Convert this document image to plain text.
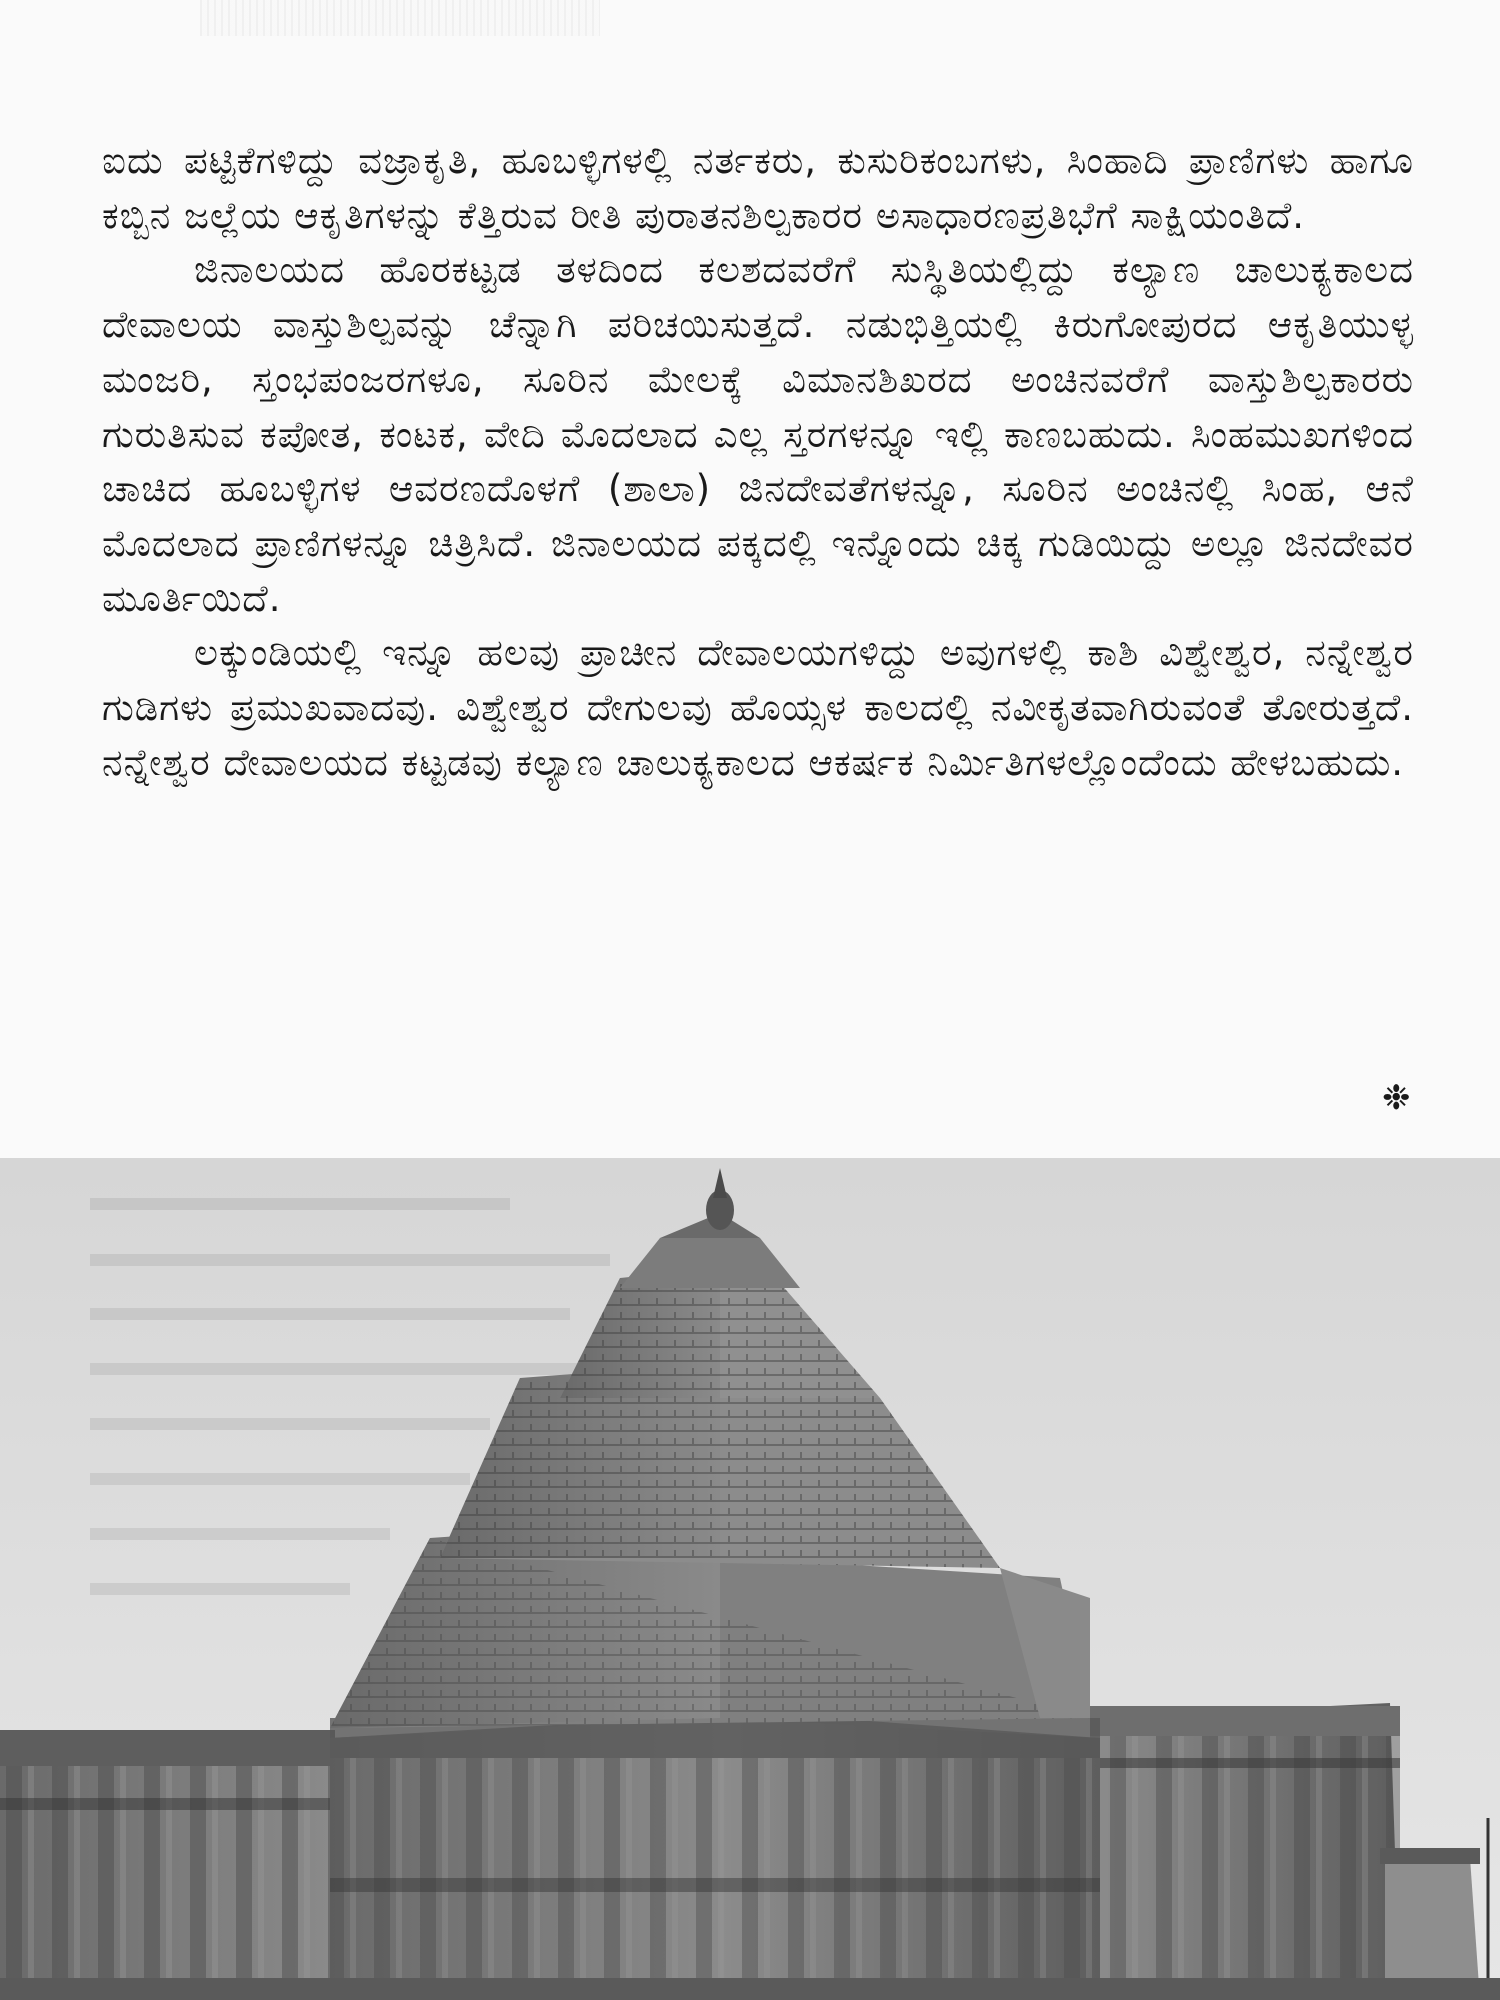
ಐದು ಪಟ್ಟಿಕೆಗಳಿದ್ದು ವಜ್ರಾಕೃತಿ, ಹೂಬಳ್ಳಿಗಳಲ್ಲಿ ನರ್ತಕರು, ಕುಸುರಿಕಂಬಗಳು, ಸಿಂಹಾದಿ ಪ್ರಾಣಿಗಳು ಹಾಗೂ ಕಬ್ಬಿನ ಜಲ್ಲೆಯ ಆಕೃತಿಗಳನ್ನು ಕೆತ್ತಿರುವ ರೀತಿ ಪುರಾತನಶಿಲ್ಪಕಾರರ ಅಸಾಧಾರಣಪ್ರತಿಭೆಗೆ ಸಾಕ್ಷಿಯಂತಿದೆ.

ಜಿನಾಲಯದ ಹೊರಕಟ್ಟಡ ತಳದಿಂದ ಕಲಶದವರೆಗೆ ಸುಸ್ಥಿತಿಯಲ್ಲಿದ್ದು ಕಲ್ಯಾಣ ಚಾಲುಕ್ಯಕಾಲದ ದೇವಾಲಯ ವಾಸ್ತುಶಿಲ್ಪವನ್ನು ಚೆನ್ನಾಗಿ ಪರಿಚಯಿಸುತ್ತದೆ. ನಡುಭಿತ್ತಿಯಲ್ಲಿ ಕಿರುಗೋಪುರದ ಆಕೃತಿಯುಳ್ಳ ಮಂಜರಿ, ಸ್ತಂಭಪಂಜರಗಳೂ, ಸೂರಿನ ಮೇಲಕ್ಕೆ ವಿಮಾನಶಿಖರದ ಅಂಚಿನವರೆಗೆ ವಾಸ್ತುಶಿಲ್ಪಕಾರರು ಗುರುತಿಸುವ ಕಪೋತ, ಕಂಟಕ, ವೇದಿ ಮೊದಲಾದ ಎಲ್ಲ ಸ್ತರಗಳನ್ನೂ ಇಲ್ಲಿ ಕಾಣಬಹುದು. ಸಿಂಹಮುಖಗಳಿಂದ ಚಾಚಿದ ಹೂಬಳ್ಳಿಗಳ ಆವರಣದೊಳಗೆ (ಶಾಲಾ) ಜಿನದೇವತೆಗಳನ್ನೂ, ಸೂರಿನ ಅಂಚಿನಲ್ಲಿ ಸಿಂಹ, ಆನೆ ಮೊದಲಾದ ಪ್ರಾಣಿಗಳನ್ನೂ ಚಿತ್ರಿಸಿದೆ. ಜಿನಾಲಯದ ಪಕ್ಕದಲ್ಲಿ ಇನ್ನೊಂದು ಚಿಕ್ಕ ಗುಡಿಯಿದ್ದು ಅಲ್ಲೂ ಜಿನದೇವರ ಮೂರ್ತಿಯಿದೆ.

ಲಕ್ಕುಂಡಿಯಲ್ಲಿ ಇನ್ನೂ ಹಲವು ಪ್ರಾಚೀನ ದೇವಾಲಯಗಳಿದ್ದು ಅವುಗಳಲ್ಲಿ ಕಾಶಿ ವಿಶ್ವೇಶ್ವರ, ನನ್ನೇಶ್ವರ ಗುಡಿಗಳು ಪ್ರಮುಖವಾದವು. ವಿಶ್ವೇಶ್ವರ ದೇಗುಲವು ಹೊಯ್ಸಳ ಕಾಲದಲ್ಲಿ ನವೀಕೃತವಾಗಿರುವಂತೆ ತೋರುತ್ತದೆ. ನನ್ನೇಶ್ವರ ದೇವಾಲಯದ ಕಟ್ಟಡವು ಕಲ್ಯಾಣ ಚಾಲುಕ್ಯಕಾಲದ ಆಕರ್ಷಕ ನಿರ್ಮಿತಿಗಳಲ್ಲೊಂದೆಂದು ಹೇಳಬಹುದು.

❉
